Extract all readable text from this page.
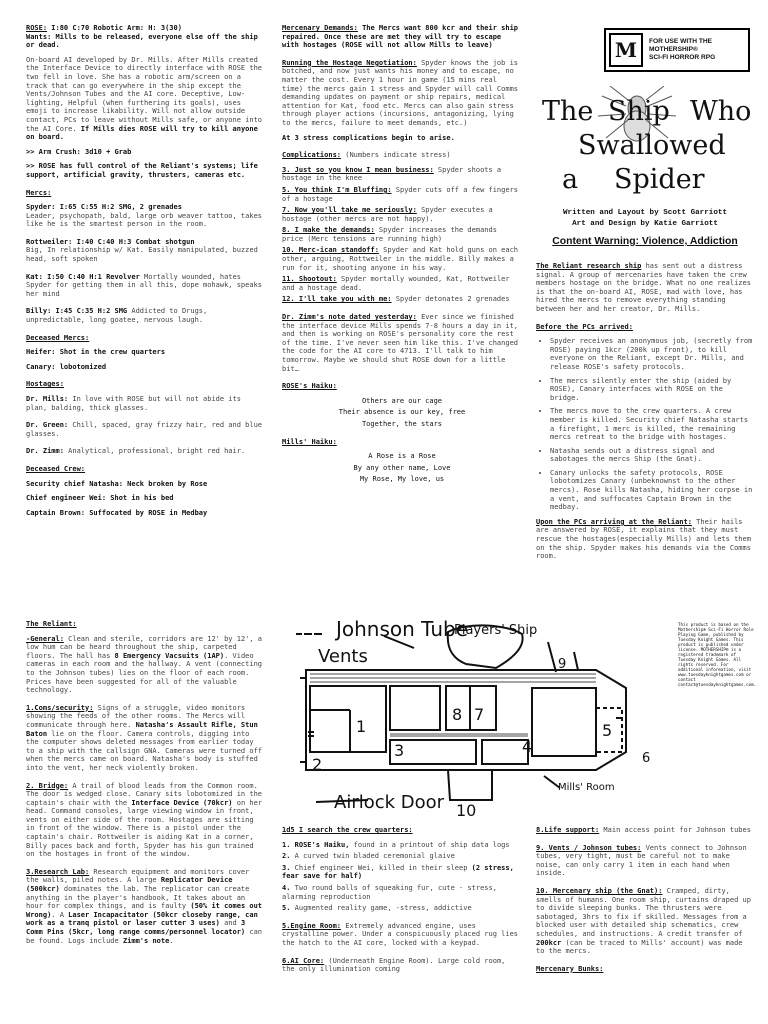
ROSE: I:80 C:70 Robotic Arm: H: 3(30)
Wants: Mills to be released, everyone else off the ship or dead.

On-board AI developed by Dr. Mills. After Mills created the Interface Device to directly interface with ROSE the two fell in love. She has a robotic arm/screen on a track that can go everywhere in the ship except the Vents/Johnson Tubes and the AI core. Deceptive, Low-lighting, Helpful (when furthering its goals), uses emoji to increase likability. Will not allow outside contact, PCs to leave without Mills safe, or anyone into the AI Core. If Mills dies ROSE will try to kill anyone on board.

>> Arm Crush: 3d10 + Grab

>> ROSE has full control of the Reliant's systems; life support, artificial gravity, thrusters, cameras etc.

Mercs:

Spyder: I:65 C:55 H:2 SMG, 2 grenades
Leader, psychopath, bald, large orb weaver tattoo, takes like he is the smartest person in the room.

Rottweiler: I:40 C:40 H:3 Combat shotgun
Big, In relationship w/ Kat. Easily manipulated, buzzed head, soft spoken

Kat: I:50 C:40 H:1 Revolver Mortally wounded, hates Spyder for getting them in all this, dope mohawk, speaks her mind

Billy: I:45 C:35 H:2 SMG Addicted to Drugs, unpredictable, long goatee, nervous laugh.

Deceased Mercs:

Heifer: Shot in the crew quarters

Canary: lobotomized

Hostages:

Dr. Mills: In love with ROSE but will not abide its plan, balding, thick glasses.

Dr. Green: Chill, spaced, gray frizzy hair, red and blue glasses.

Dr. Zimm: Analytical, professional, bright red hair.

Deceased Crew:

Security chief Natasha: Neck broken by Rose

Chief engineer Wei: Shot in his bed

Captain Brown: Suffocated by ROSE in Medbay

Mercenary Demands: The Mercs want 800 kcr and their ship repaired. Once these are met they will try to escape with hostages (ROSE will not allow Mills to leave)

Running the Hostage Negotiation: Spyder knows the job is botched, and now just wants his money and to escape, no matter the cost. Every 1 hour in game (15 mins real time) the mercs gain 1 stress and Spyder will call Comms demanding updates on payment or ship repairs, medical attention for Kat, food etc. Mercs can also gain stress through player actions (incursions, antagonizing, lying to the mercs, failure to meet demands, etc.)

At 3 stress complications begin to arise.

Complications: (Numbers indicate stress)

3. Just so you know I mean business: Spyder shoots a hostage in the knee
5. You think I'm Bluffing: Spyder cuts off a few fingers of a hostage
7. Now you'll take me seriously: Spyder executes a hostage (other mercs are not happy).
8. I make the demands: Spyder increases the demands price (Merc tensions are running high)
10. Merc-ican standoff: Spyder and Kat hold guns on each other, arguing, Rottweiler in the middle. Billy makes a run for it, shooting anyone in his way.
11. Shootout: Spyder mortally wounded, Kat, Rottweiler and a hostage dead.
12. I'll take you with me: Spyder detonates 2 grenades

Dr. Zimm's note dated yesterday: Ever since we finished the interface device Mills spends 7-8 hours a day in it, and then is working on ROSE's personality core the rest of the time. I've never seen him like this. I've changed the code for the AI core to 4713. I'll talk to him tomorrow. Maybe we should shut ROSE down for a little bit…

ROSE's Haiku:

Others are our cage
Their absence is our key, free
Together, the stars

Mills' Haiku:

A Rose is a Rose
By any other name, Love
My Rose, My love, us
M	FOR USE WITH THE
MOTHERSHIP®
SCI-FI HORROR RPG
The Ship Who
Swallowed
a Spider
Written and Layout by Scott Garriott
Art and Design by Katie Garriott
Content Warning: Violence, Addiction

The Reliant research ship has sent out a distress signal. A group of mercenaries have taken the crew members hostage on the bridge. What no one realizes is that the on-board AI, ROSE, mad with love, has hired the mercs to remove everything standing between her and her creator, Dr. Mills.

Before the PCs arrived:

• Spyder receives an anonymous job, (secretly from ROSE) paying 1kcr (200k up front), to kill everyone on the Reliant, except Dr. Mills, and release ROSE's safety protocols.
• The mercs silently enter the ship (aided by ROSE), Canary interfaces with ROSE on the bridge.
• The mercs move to the crew quarters. A crew member is killed. Security chief Natasha starts a firefight, 1 merc is killed, the remaining mercs retreat to the bridge with hostages.
• Natasha sends out a distress signal and sabotages the mercs Ship (the Gnat).
• Canary unlocks the safety protocols, ROSE lobotomizes Canary (unbeknownst to the other mercs). Rose kills Natasha, hiding her corpse in a vent, and suffocates Captain Brown in the medbay.

Upon the PCs arriving at the Reliant: Their hails are answered by ROSE, it explains that they must rescue the hostages(especially Mills) and lets them on the ship. Spyder makes his demands via the Comms room.

This product is based on the Mothership® Sci-Fi Horror Role Playing Game, published by Tuesday Knight Games. This product is published under license. MOTHERSHIP® is a registered trademark of Tuesday Knight Games. All rights reserved. For additional information, visit www.tuesdayknightgames.com or contact contact@tuesdayknightgames.com.
Johnson Tube
Players' Ship
Vents
Airlock Door
Mills' Room
1
2
3	4
5
6
7
8
9
10

The Reliant:

-General: Clean and sterile, corridors are 12' by 12', a low hum can be heard throughout the ship, carpeted floors. The hall has 8 Emergency Vacsuits (1AP). Video cameras in each room and the hallway. A vent (connecting to the Johnson tubes) lies on the floor of each room. Prices have been suggested for all of the valuable technology.

1.Coms/security: Signs of a struggle, video monitors showing the feeds of the other rooms. The Mercs will communicate through here. Natasha's Assault Rifle, Stun Baton lie on the floor. Camera controls, digging into the computer shows deleted messages from earlier today to a ship with the callsign GNA. Cameras were turned off when the mercs came on board. Natasha's body is stuffed into the vent, her neck violently broken.

2. Bridge: A trail of blood leads from the Common room. The door is wedged close. Canary sits lobotomized in the captain's chair with the Interface Device (70kcr) on her head. Command consoles, large viewing window in front, vents on either side of the room. Hostages are sitting in front of the window. There is a pistol under the captain's chair. Rottweiler is aiding Kat in a corner, Billy paces back and forth, Spyder has his gun trained on the hostages in front of the window.

3.Research Lab: Research equipment and monitors cover the walls, piled notes. A large Replicator Device (500kcr) dominates the lab. The replicator can create anything in the player's handbook, It takes about an hour for complex things, and is faulty (50% it comes out Wrong). A Laser Incapacitator (50kcr closeby range, can work as a tranq pistol or laser cutter 3 uses) and 3 Comm Pins (5kcr, long range comms/personnel locator) can be found. Logs include Zimm's note.

1d5 I search the crew quarters:

1. ROSE's Haiku, found in a printout of ship data logs
2. A curved twin bladed ceremonial glaive
3. Chief engineer Wei, killed in their sleep (2 stress, fear save for half)
4. Two round balls of squeaking fur, cute - stress, alarming reproduction
5. Augmented reality game, -stress, addictive

5.Engine Room: Extremely advanced engine, uses crystalline power. Under a conspicuously placed rug lies the hatch to the AI core, locked with a keypad.

6.AI Core: (Underneath Engine Room). Large cold room, the only illumination coming

8.Life support: Main access point for Johnson tubes

9. Vents / Johnson tubes: Vents connect to Johnson tubes, very tight, must be careful not to make noise, can only carry 1 item in each hand when inside.

10. Mercenary ship (the Gnat): Cramped, dirty, smells of humans. One room ship, curtains draped up to divide sleeping bunks. The thrusters were sabotaged, 3hrs to fix if skilled. Messages from a blocked user with detailed ship schematics, crew schedules, and instructions. A credit transfer of 200kcr (can be traced to Mills' account) was made to the mercs.

Mercenary Bunks:
